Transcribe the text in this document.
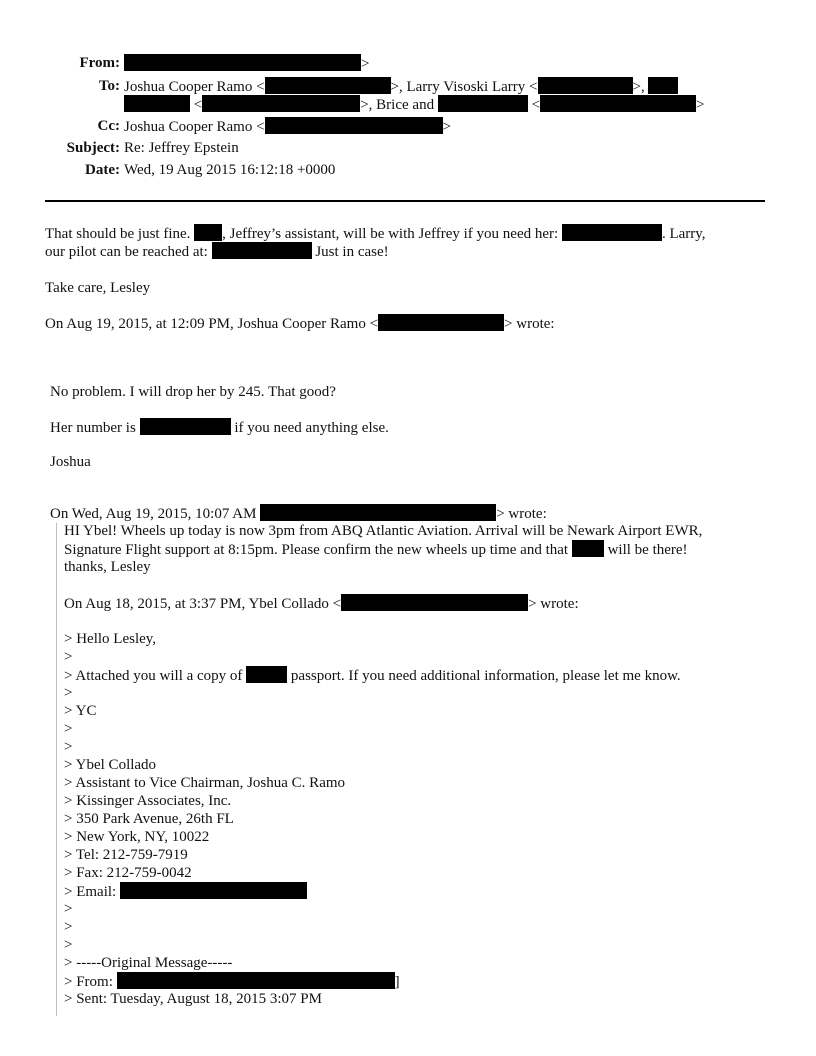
From:	>
To: Joshua Cooper Ramo <	>, Larry Visoski Larry <	>,
<	>, Brice and	<	>
Cc: Joshua Cooper Ramo <	>
Subject: Re: Jeffrey Epstein
Date: Wed, 19 Aug 2015 16:12:18 +0000
That should be just fine. , Jeffrey’s assistant, will be with Jeffrey if you need her:	. Larry,
our pilot can be reached at:	Just in case!
Take care, Lesley
On Aug 19, 2015, at 12:09 PM, Joshua Cooper Ramo <	> wrote:
No problem. I will drop her by 245. That good?
Her number is	if you need anything else.
Joshua
On Wed, Aug 19, 2015, 10:07 AM	> wrote:
HI Ybel! Wheels up today is now 3pm from ABQ Atlantic Aviation. Arrival will be Newark Airport EWR,
Signature Flight support at 8:15pm. Please confirm the new wheels up time and that	will be there!
thanks, Lesley
On Aug 18, 2015, at 3:37 PM, Ybel Collado <	> wrote:
> Hello Lesley,
>
> Attached you will a copy of	passport. If you need additional information, please let me know.
>
> YC
>
>
> Ybel Collado
> Assistant to Vice Chairman, Joshua C. Ramo
> Kissinger Associates, Inc.
> 350 Park Avenue, 26th FL
> New York, NY, 10022
> Tel: 212-759-7919
> Fax: 212-759-0042
> Email:
>
>
>
> -----Original Message-----
> From:	]
> Sent: Tuesday, August 18, 2015 3:07 PM
